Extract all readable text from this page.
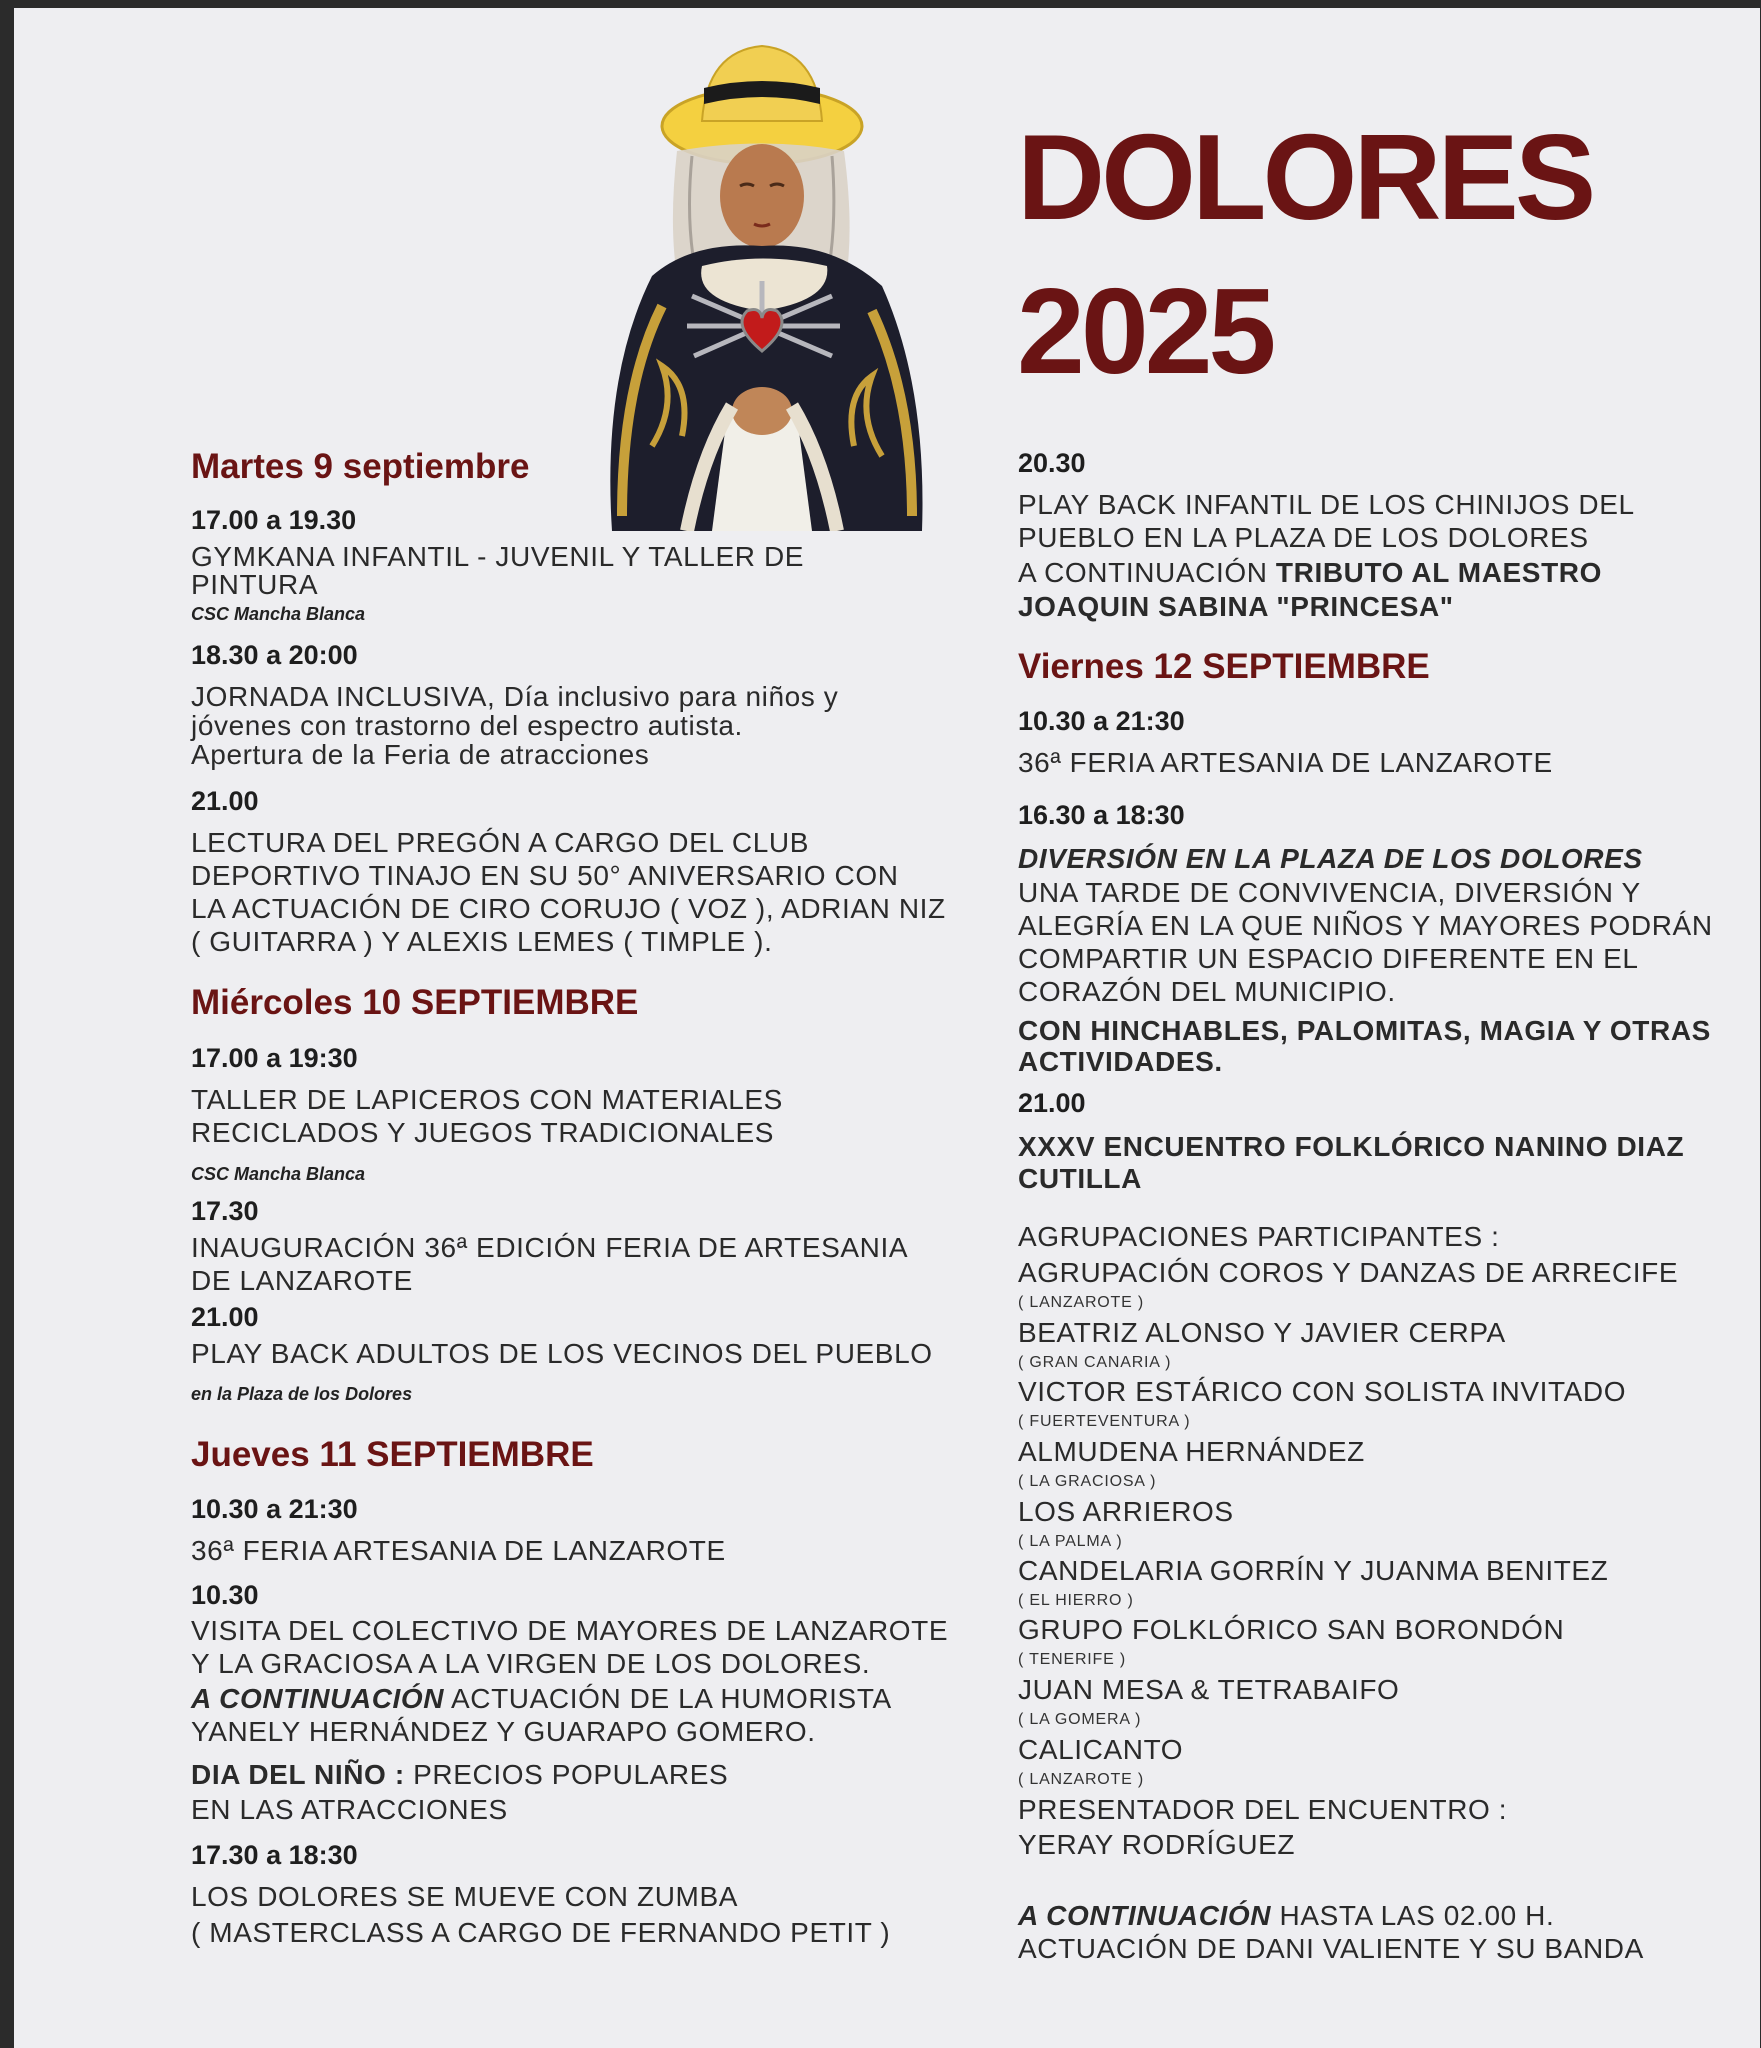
DOLORES
2025
Martes 9 septiembre
17.00 a 19.30
GYMKANA INFANTIL - JUVENIL Y TALLER DE
PINTURA
CSC Mancha Blanca
18.30 a 20:00
JORNADA INCLUSIVA, Día inclusivo para niños y
jóvenes con trastorno del espectro autista.
Apertura de la Feria de atracciones
21.00
LECTURA DEL PREGÓN A CARGO DEL CLUB
DEPORTIVO TINAJO EN SU 50° ANIVERSARIO CON
LA ACTUACIÓN DE CIRO CORUJO ( VOZ ), ADRIAN NIZ
( GUITARRA ) Y ALEXIS LEMES ( TIMPLE ).
Miércoles 10 SEPTIEMBRE
17.00 a 19:30
TALLER DE LAPICEROS CON MATERIALES
RECICLADOS Y JUEGOS TRADICIONALES
CSC Mancha Blanca
17.30
INAUGURACIÓN 36ª EDICIÓN FERIA DE ARTESANIA
DE LANZAROTE
21.00
PLAY BACK ADULTOS DE LOS VECINOS DEL PUEBLO
en la Plaza de los Dolores
Jueves 11 SEPTIEMBRE
10.30 a 21:30
36ª FERIA ARTESANIA DE LANZAROTE
10.30
VISITA DEL COLECTIVO DE MAYORES DE LANZAROTE
Y LA GRACIOSA A LA VIRGEN DE LOS DOLORES.
A CONTINUACIÓN ACTUACIÓN DE LA HUMORISTA
YANELY HERNÁNDEZ Y GUARAPO GOMERO.
DIA DEL NIÑO : PRECIOS POPULARES
EN LAS ATRACCIONES
17.30 a 18:30
LOS DOLORES SE MUEVE CON ZUMBA
( MASTERCLASS A CARGO DE FERNANDO PETIT )
20.30
PLAY BACK INFANTIL DE LOS CHINIJOS DEL
PUEBLO EN LA PLAZA DE LOS DOLORES
A CONTINUACIÓN TRIBUTO AL MAESTRO
JOAQUIN SABINA "PRINCESA"
Viernes 12 SEPTIEMBRE
10.30 a 21:30
36ª FERIA ARTESANIA DE LANZAROTE
16.30 a 18:30
DIVERSIÓN EN LA PLAZA DE LOS DOLORES
UNA TARDE DE CONVIVENCIA, DIVERSIÓN Y
ALEGRÍA EN LA QUE NIÑOS Y MAYORES PODRÁN
COMPARTIR UN ESPACIO DIFERENTE EN EL
CORAZÓN DEL MUNICIPIO.
CON HINCHABLES, PALOMITAS, MAGIA Y OTRAS
ACTIVIDADES.
21.00
XXXV ENCUENTRO FOLKLÓRICO NANINO DIAZ
CUTILLA
AGRUPACIONES PARTICIPANTES :
AGRUPACIÓN COROS Y DANZAS DE ARRECIFE
( LANZAROTE )
BEATRIZ ALONSO Y JAVIER CERPA
( GRAN CANARIA )
VICTOR ESTÁRICO CON SOLISTA INVITADO
( FUERTEVENTURA )
ALMUDENA HERNÁNDEZ
( LA GRACIOSA )
LOS ARRIEROS
( LA PALMA )
CANDELARIA GORRÍN Y JUANMA BENITEZ
( EL HIERRO )
GRUPO FOLKLÓRICO SAN BORONDÓN
( TENERIFE )
JUAN MESA & TETRABAIFO
( LA GOMERA )
CALICANTO
( LANZAROTE )
PRESENTADOR DEL ENCUENTRO :
YERAY RODRÍGUEZ
A CONTINUACIÓN HASTA LAS 02.00 H.
ACTUACIÓN DE DANI VALIENTE Y SU BANDA
